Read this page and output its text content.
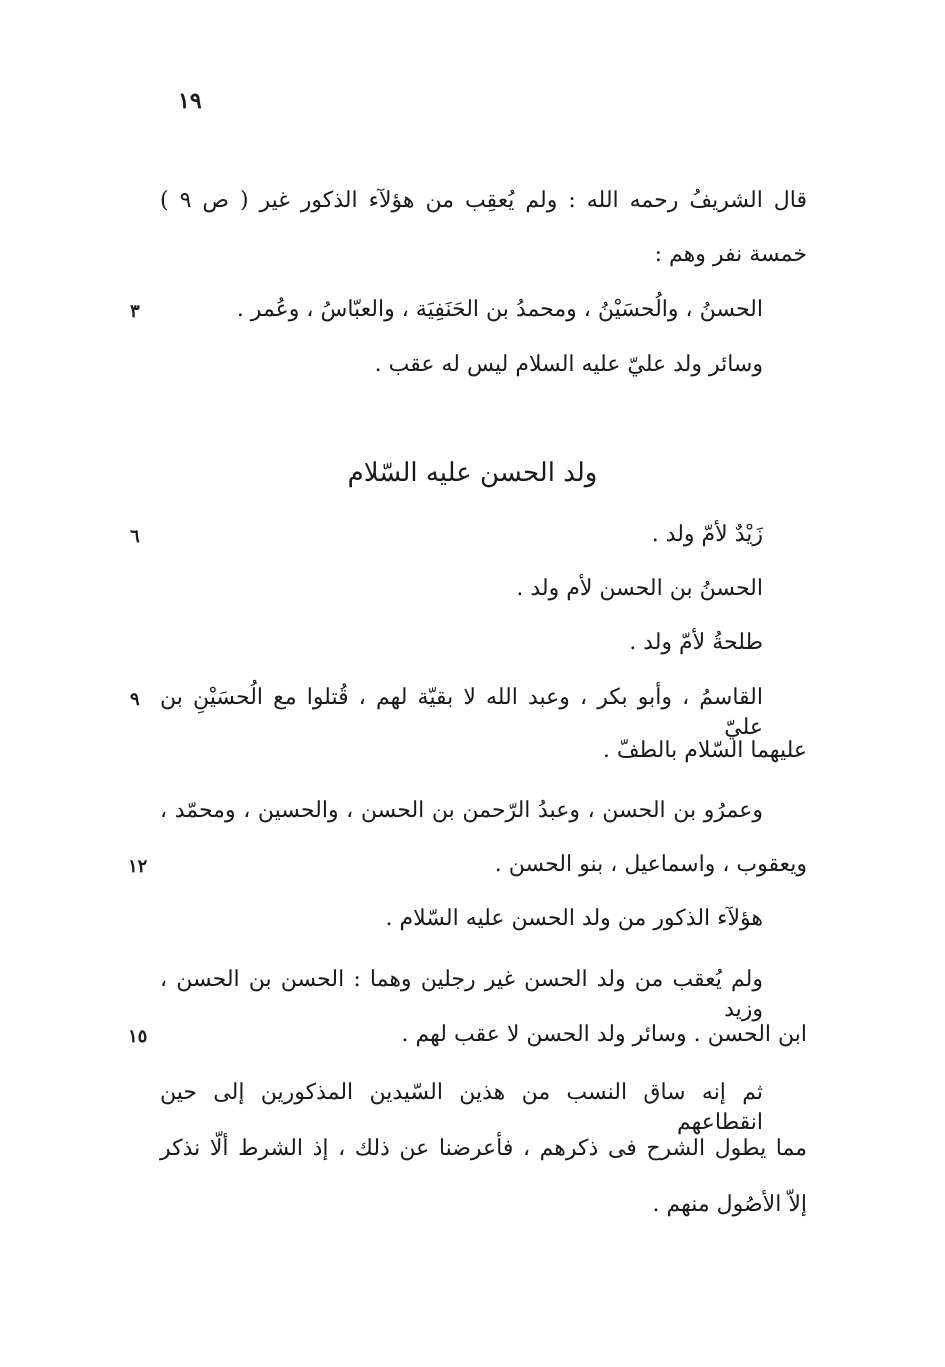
١٩
قال الشريفُ رحمه الله : ولم يُعقِب من هؤلآء الذكور غير ( ص ٩ )
خمسة نفر وهم :
الحسنُ ، والُحسَيْنُ ، ومحمدُ بن الحَنَفِيَة ، والعبّاسُ ، وعُمر .
وسائر ولد عليّ عليه السلام ليس له عقب .
ولد الحسن عليه السّلام
زَيْدٌ لأمّ ولد .
الحسنُ بن الحسن لأم ولد .
طلحةُ لأمّ ولد .
القاسمُ ، وأبو بكر ، وعبد الله لا بقيّة لهم ، قُتلوا مع الُحسَيْنِ بن عليّ
عليهما السّلام بالطفّ .
وعمرُو بن الحسن ، وعبدُ الرّحمن بن الحسن ، والحسين ، ومحمّد ،
ويعقوب ، واسماعيل ، بنو الحسن .
هؤلآء الذكور من ولد الحسن عليه السّلام .
ولم يُعقب من ولد الحسن غير رجلين وهما : الحسن بن الحسن ، وزيد
ابن الحسن . وسائر ولد الحسن لا عقب لهم .
ثم إنه ساق النسب من هذين السّيدين المذكورين إلى حين انقطاعهم
مما يطول الشرح فى ذكرهم ، فأعرضنا عن ذلك ، إذ الشرط ألّا نذكر
إلاّ الأصُول منهم .
٣
٦
٩
١٢
١٥
